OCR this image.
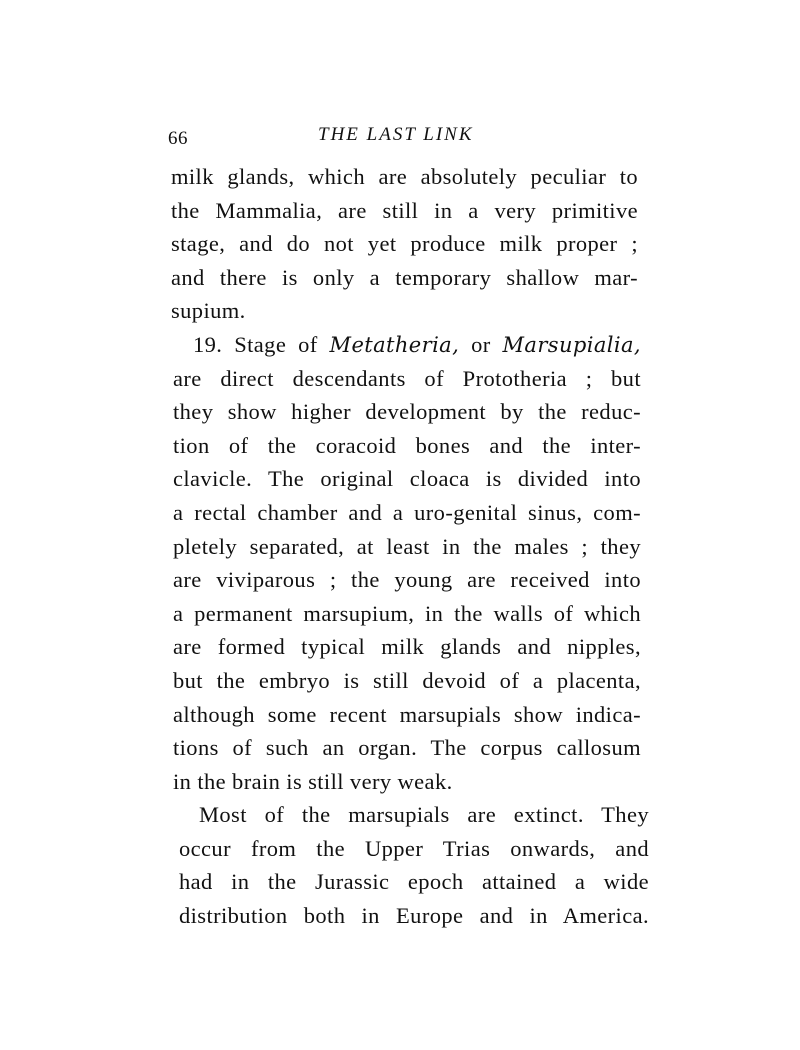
66	THE LAST LINK
milk glands, which are absolutely peculiar to
the Mammalia, are still in a very primitive
stage, and do not yet produce milk proper ;
and there is only a temporary shallow mar-
supium.
19. Stage of Metatheria, or Marsupialia,
are direct descendants of Prototheria ; but
they show higher development by the reduc-
tion of the coracoid bones and the inter-
clavicle. The original cloaca is divided into
a rectal chamber and a uro-genital sinus, com-
pletely separated, at least in the males ; they
are viviparous ; the young are received into
a permanent marsupium, in the walls of which
are formed typical milk glands and nipples,
but the embryo is still devoid of a placenta,
although some recent marsupials show indica-
tions of such an organ. The corpus callosum
in the brain is still very weak.
Most of the marsupials are extinct. They
occur from the Upper Trias onwards, and
had in the Jurassic epoch attained a wide
distribution both in Europe and in America.
